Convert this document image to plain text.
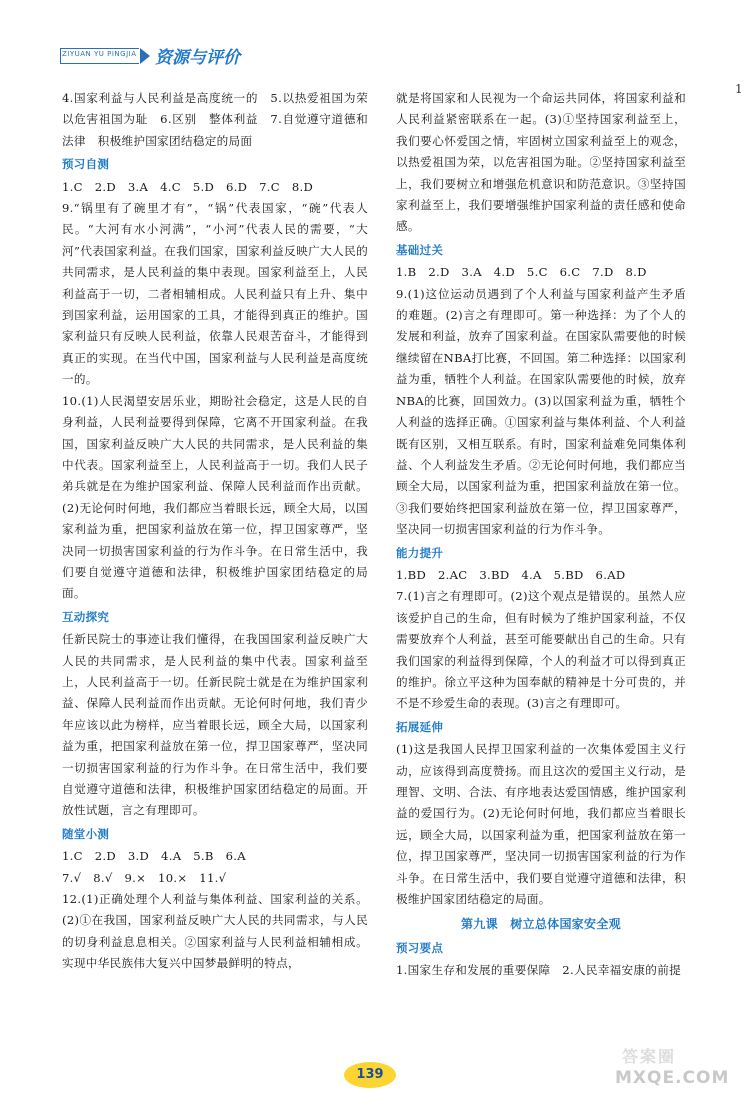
ZIYUAN YU PINGJIA 资源与评价
1

4.国家利益与人民利益是高度统一的　5.以热爱祖国为荣　以危害祖国为耻　6.区别　整体利益　7.自觉遵守道德和法律　积极维护国家团结稳定的局面

预习自测

1.C　2.D　3.A　4.C　5.D　6.D　7.C　8.D

9.“锅里有了碗里才有”，“锅”代表国家，“碗”代表人民。“大河有水小河满”，“小河”代表人民的需要，“大河”代表国家利益。在我们国家，国家利益反映广大人民的共同需求，是人民利益的集中表现。国家利益至上，人民利益高于一切，二者相辅相成。人民利益只有上升、集中到国家利益，运用国家的工具，才能得到真正的维护。国家利益只有反映人民利益，依靠人民艰苦奋斗，才能得到真正的实现。在当代中国，国家利益与人民利益是高度统一的。

10.(1)人民渴望安居乐业，期盼社会稳定，这是人民的自身利益，人民利益要得到保障，它离不开国家利益。在我国，国家利益反映广大人民的共同需求，是人民利益的集中代表。国家利益至上，人民利益高于一切。我们人民子弟兵就是在为维护国家利益、保障人民利益而作出贡献。(2)无论何时何地，我们都应当着眼长远，顾全大局，以国家利益为重，把国家利益放在第一位，捍卫国家尊严，坚决同一切损害国家利益的行为作斗争。在日常生活中，我们要自觉遵守道德和法律，积极维护国家团结稳定的局面。

互动探究

任新民院士的事迹让我们懂得，在我国国家利益反映广大人民的共同需求，是人民利益的集中代表。国家利益至上，人民利益高于一切。任新民院士就是在为维护国家利益、保障人民利益而作出贡献。无论何时何地，我们青少年应该以此为榜样，应当着眼长远，顾全大局，以国家利益为重，把国家利益放在第一位，捍卫国家尊严，坚决同一切损害国家利益的行为作斗争。在日常生活中，我们要自觉遵守道德和法律，积极维护国家团结稳定的局面。开放性试题，言之有理即可。

随堂小测

1.C　2.D　3.D　4.A　5.B　6.A

7.√　8.√　9.×　10.×　11.√

12.(1)正确处理个人利益与集体利益、国家利益的关系。(2)①在我国，国家利益反映广大人民的共同需求，与人民的切身利益息息相关。②国家利益与人民利益相辅相成。实现中华民族伟大复兴中国梦最鲜明的特点，

就是将国家和人民视为一个命运共同体，将国家利益和人民利益紧密联系在一起。(3)①坚持国家利益至上，我们要心怀爱国之情，牢固树立国家利益至上的观念，以热爱祖国为荣，以危害祖国为耻。②坚持国家利益至上，我们要树立和增强危机意识和防范意识。③坚持国家利益至上，我们要增强维护国家利益的责任感和使命感。

基础过关

1.B　2.D　3.A　4.D　5.C　6.C　7.D　8.D

9.(1)这位运动员遇到了个人利益与国家利益产生矛盾的难题。(2)言之有理即可。第一种选择：为了个人的发展和利益，放弃了国家利益。在国家队需要他的时候继续留在NBA打比赛，不回国。第二种选择：以国家利益为重，牺牲个人利益。在国家队需要他的时候，放弃NBA的比赛，回国效力。(3)以国家利益为重，牺牲个人利益的选择正确。①国家利益与集体利益、个人利益既有区别，又相互联系。有时，国家利益难免同集体利益、个人利益发生矛盾。②无论何时何地，我们都应当顾全大局，以国家利益为重，把国家利益放在第一位。③我们要始终把国家利益放在第一位，捍卫国家尊严，坚决同一切损害国家利益的行为作斗争。

能力提升

1.BD　2.AC　3.BD　4.A　5.BD　6.AD

7.(1)言之有理即可。(2)这个观点是错误的。虽然人应该爱护自己的生命，但有时候为了维护国家利益，不仅需要放弃个人利益，甚至可能要献出自己的生命。只有我们国家的利益得到保障，个人的利益才可以得到真正的维护。徐立平这种为国奉献的精神是十分可贵的，并不是不珍爱生命的表现。(3)言之有理即可。

拓展延伸

(1)这是我国人民捍卫国家利益的一次集体爱国主义行动，应该得到高度赞扬。而且这次的爱国主义行动，是理智、文明、合法、有序地表达爱国情感，维护国家利益的爱国行为。(2)无论何时何地，我们都应当着眼长远，顾全大局，以国家利益为重，把国家利益放在第一位，捍卫国家尊严，坚决同一切损害国家利益的行为作斗争。在日常生活中，我们要自觉遵守道德和法律，积极维护国家团结稳定的局面。

第九课　树立总体国家安全观
预习要点

1.国家生存和发展的重要保障　2.人民幸福安康的前提

139
答案圈
MXQE.COM
